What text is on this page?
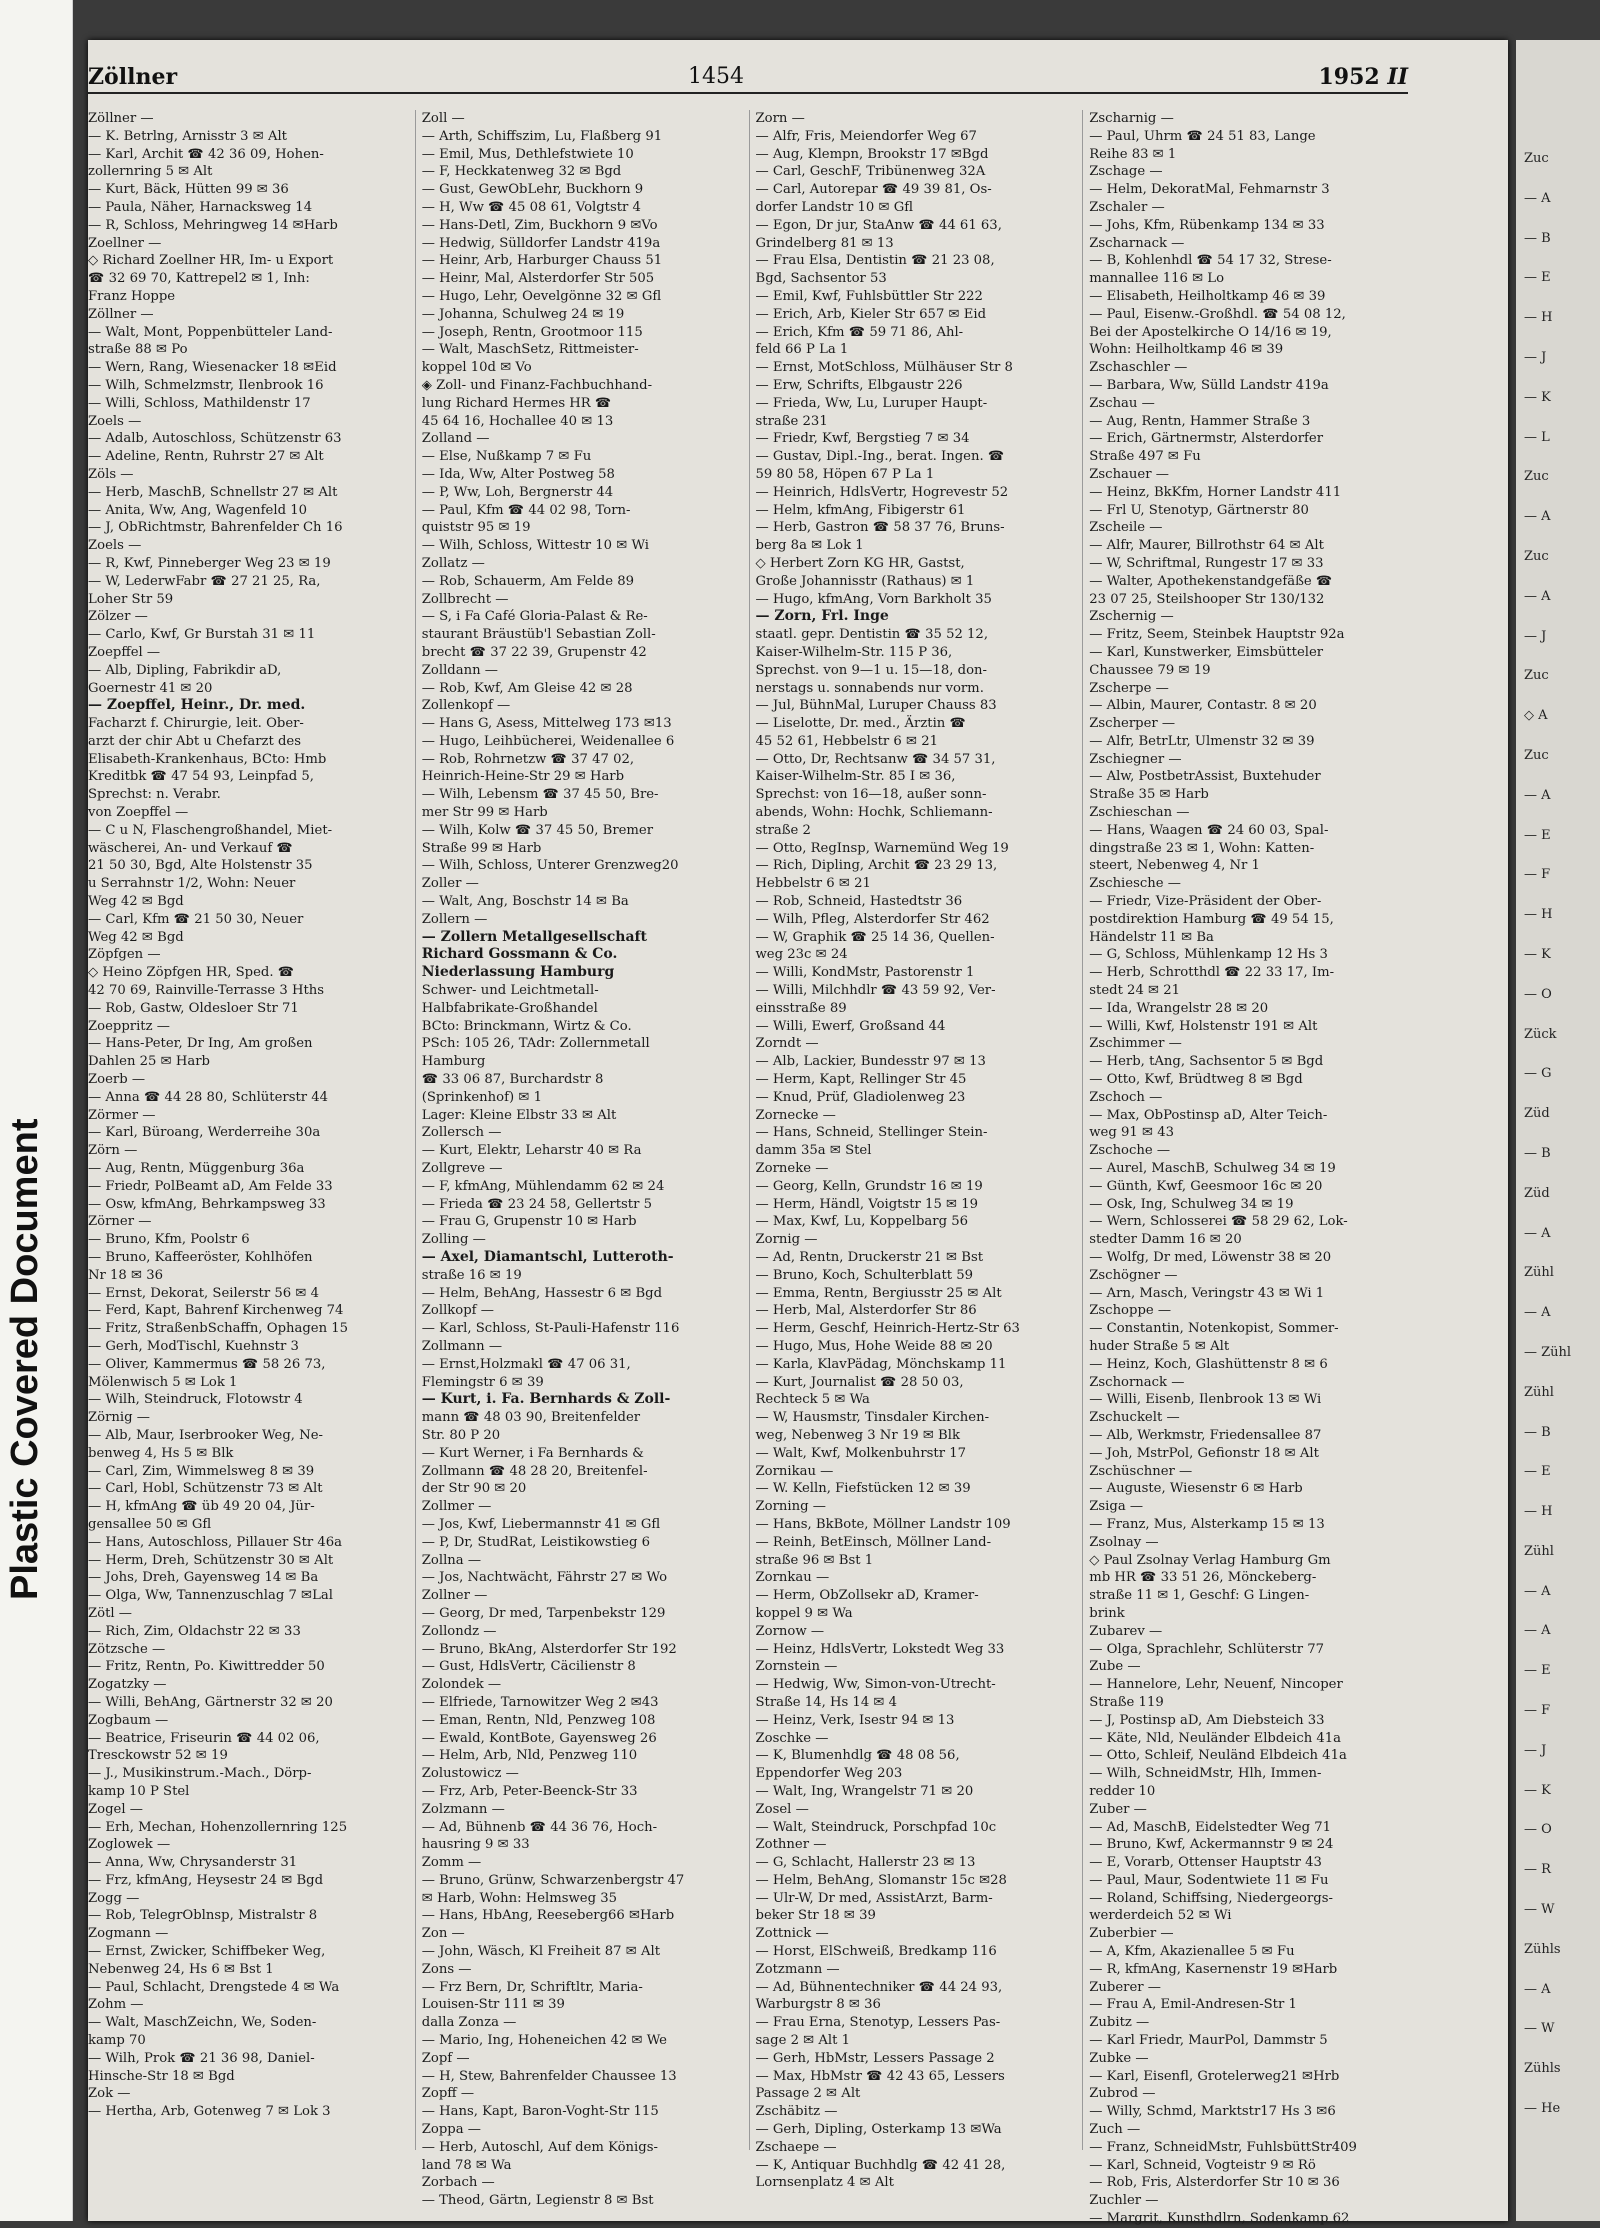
Plastic Covered Document
Zöllner	1454	1952 II
Zöllner —
— K. Betrlng, Arnisstr 3 ✉ Alt
— Karl, Archit ☎ 42 36 09, Hohen-
zollernring 5 ✉ Alt
— Kurt, Bäck, Hütten 99 ✉ 36
— Paula, Näher, Harnacksweg 14
— R, Schloss, Mehringweg 14 ✉Harb
Zoellner —
◇ Richard Zoellner HR, Im- u Export
☎ 32 69 70, Kattrepel2 ✉ 1, Inh:
Franz Hoppe
Zöllner —
— Walt, Mont, Poppenbütteler Land-
straße 88 ✉ Po
— Wern, Rang, Wiesenacker 18 ✉Eid
— Wilh, Schmelzmstr, Ilenbrook 16
— Willi, Schloss, Mathildenstr 17
Zoels —
— Adalb, Autoschloss, Schützenstr 63
— Adeline, Rentn, Ruhrstr 27 ✉ Alt
Zöls —
— Herb, MaschB, Schnellstr 27 ✉ Alt
— Anita, Ww, Ang, Wagenfeld 10
— J, ObRichtmstr, Bahrenfelder Ch 16
Zoels —
— R, Kwf, Pinneberger Weg 23 ✉ 19
— W, LederwFabr ☎ 27 21 25, Ra,
Loher Str 59
Zölzer —
— Carlo, Kwf, Gr Burstah 31 ✉ 11
Zoepffel —
— Alb, Dipling, Fabrikdir aD,
Goernestr 41 ✉ 20
— Zoepffel, Heinr., Dr. med.
Facharzt f. Chirurgie, leit. Ober-
arzt der chir Abt u Chefarzt des
Elisabeth-Krankenhaus, BCto: Hmb
Kreditbk ☎ 47 54 93, Leinpfad 5,
Sprechst: n. Verabr.
von Zoepffel —
— C u N, Flaschengroßhandel, Miet-
wäscherei, An- und Verkauf ☎
21 50 30, Bgd, Alte Holstenstr 35
u Serrahnstr 1/2, Wohn: Neuer
Weg 42 ✉ Bgd
— Carl, Kfm ☎ 21 50 30, Neuer
Weg 42 ✉ Bgd
Zöpfgen —
◇ Heino Zöpfgen HR, Sped. ☎
42 70 69, Rainville-Terrasse 3 Hths
— Rob, Gastw, Oldesloer Str 71
Zoeppritz —
— Hans-Peter, Dr Ing, Am großen
Dahlen 25 ✉ Harb
Zoerb —
— Anna ☎ 44 28 80, Schlüterstr 44
Zörmer —
— Karl, Büroang, Werderreihe 30a
Zörn —
— Aug, Rentn, Müggenburg 36a
— Friedr, PolBeamt aD, Am Felde 33
— Osw, kfmAng, Behrkampsweg 33
Zörner —
— Bruno, Kfm, Poolstr 6
— Bruno, Kaffeeröster, Kohlhöfen
Nr 18 ✉ 36
— Ernst, Dekorat, Seilerstr 56 ✉ 4
— Ferd, Kapt, Bahrenf Kirchenweg 74
— Fritz, StraßenbSchaffn, Ophagen 15
— Gerh, ModTischl, Kuehnstr 3
— Oliver, Kammermus ☎ 58 26 73,
Mölenwisch 5 ✉ Lok 1
— Wilh, Steindruck, Flotowstr 4
Zörnig —
— Alb, Maur, Iserbrooker Weg, Ne-
benweg 4, Hs 5 ✉ Blk
— Carl, Zim, Wimmelsweg 8 ✉ 39
— Carl, Hobl, Schützenstr 73 ✉ Alt
— H, kfmAng ☎ üb 49 20 04, Jür-
gensallee 50 ✉ Gfl
— Hans, Autoschloss, Pillauer Str 46a
— Herm, Dreh, Schützenstr 30 ✉ Alt
— Johs, Dreh, Gayensweg 14 ✉ Ba
— Olga, Ww, Tannenzuschlag 7 ✉Lal
Zötl —
— Rich, Zim, Oldachstr 22 ✉ 33
Zötzsche —
— Fritz, Rentn, Po. Kiwittredder 50
Zogatzky —
— Willi, BehAng, Gärtnerstr 32 ✉ 20
Zogbaum —
— Beatrice, Friseurin ☎ 44 02 06,
Tresckowstr 52 ✉ 19
— J., Musikinstrum.-Mach., Dörp-
kamp 10 P Stel
Zogel —
— Erh, Mechan, Hohenzollernring 125
Zoglowek —
— Anna, Ww, Chrysanderstr 31
— Frz, kfmAng, Heysestr 24 ✉ Bgd
Zogg —
— Rob, TelegrOblnsp, Mistralstr 8
Zogmann —
— Ernst, Zwicker, Schiffbeker Weg,
Nebenweg 24, Hs 6 ✉ Bst 1
— Paul, Schlacht, Drengstede 4 ✉ Wa
Zohm —
— Walt, MaschZeichn, We, Soden-
kamp 70
— Wilh, Prok ☎ 21 36 98, Daniel-
Hinsche-Str 18 ✉ Bgd
Zok —
— Hertha, Arb, Gotenweg 7 ✉ Lok 3
Zoll —
— Arth, Schiffszim, Lu, Flaßberg 91
— Emil, Mus, Dethlefstwiete 10
— F, Heckkatenweg 32 ✉ Bgd
— Gust, GewObLehr, Buckhorn 9
— H, Ww ☎ 45 08 61, Volgtstr 4
— Hans-Detl, Zim, Buckhorn 9 ✉Vo
— Hedwig, Sülldorfer Landstr 419a
— Heinr, Arb, Harburger Chauss 51
— Heinr, Mal, Alsterdorfer Str 505
— Hugo, Lehr, Oevelgönne 32 ✉ Gfl
— Johanna, Schulweg 24 ✉ 19
— Joseph, Rentn, Grootmoor 115
— Walt, MaschSetz, Rittmeister-
koppel 10d ✉ Vo
◈ Zoll- und Finanz-Fachbuchhand-
lung Richard Hermes HR ☎
45 64 16, Hochallee 40 ✉ 13
Zolland —
— Else, Nußkamp 7 ✉ Fu
— Ida, Ww, Alter Postweg 58
— P, Ww, Loh, Bergnerstr 44
— Paul, Kfm ☎ 44 02 98, Torn-
quiststr 95 ✉ 19
— Wilh, Schloss, Wittestr 10 ✉ Wi
Zollatz —
— Rob, Schauerm, Am Felde 89
Zollbrecht —
— S, i Fa Café Gloria-Palast & Re-
staurant Bräustüb'l Sebastian Zoll-
brecht ☎ 37 22 39, Grupenstr 42
Zolldann —
— Rob, Kwf, Am Gleise 42 ✉ 28
Zollenkopf —
— Hans G, Asess, Mittelweg 173 ✉13
— Hugo, Leihbücherei, Weidenallee 6
— Rob, Rohrnetzw ☎ 37 47 02,
Heinrich-Heine-Str 29 ✉ Harb
— Wilh, Lebensm ☎ 37 45 50, Bre-
mer Str 99 ✉ Harb
— Wilh, Kolw ☎ 37 45 50, Bremer
Straße 99 ✉ Harb
— Wilh, Schloss, Unterer Grenzweg20
Zoller —
— Walt, Ang, Boschstr 14 ✉ Ba
Zollern —
— Zollern Metallgesellschaft
Richard Gossmann & Co.
Niederlassung Hamburg
Schwer- und Leichtmetall-
Halbfabrikate-Großhandel
BCto: Brinckmann, Wirtz & Co.
PSch: 105 26, TAdr: Zollernmetall
Hamburg
☎ 33 06 87, Burchardstr 8
(Sprinkenhof) ✉ 1
Lager: Kleine Elbstr 33 ✉ Alt
Zollersch —
— Kurt, Elektr, Leharstr 40 ✉ Ra
Zollgreve —
— F, kfmAng, Mühlendamm 62 ✉ 24
— Frieda ☎ 23 24 58, Gellertstr 5
— Frau G, Grupenstr 10 ✉ Harb
Zolling —
— Axel, Diamantschl, Lutteroth-
straße 16 ✉ 19
— Helm, BehAng, Hassestr 6 ✉ Bgd
Zollkopf —
— Karl, Schloss, St-Pauli-Hafenstr 116
Zollmann —
— Ernst,Holzmakl ☎ 47 06 31,
Flemingstr 6 ✉ 39
— Kurt, i. Fa. Bernhards & Zoll-
mann ☎ 48 03 90, Breitenfelder
Str. 80 P 20
— Kurt Werner, i Fa Bernhards &
Zollmann ☎ 48 28 20, Breitenfel-
der Str 90 ✉ 20
Zollmer —
— Jos, Kwf, Liebermannstr 41 ✉ Gfl
— P, Dr, StudRat, Leistikowstieg 6
Zollna —
— Jos, Nachtwächt, Fährstr 27 ✉ Wo
Zollner —
— Georg, Dr med, Tarpenbekstr 129
Zollondz —
— Bruno, BkAng, Alsterdorfer Str 192
— Gust, HdlsVertr, Cäcilienstr 8
Zolondek —
— Elfriede, Tarnowitzer Weg 2 ✉43
— Eman, Rentn, Nld, Penzweg 108
— Ewald, KontBote, Gayensweg 26
— Helm, Arb, Nld, Penzweg 110
Zolustowicz —
— Frz, Arb, Peter-Beenck-Str 33
Zolzmann —
— Ad, Bühnenb ☎ 44 36 76, Hoch-
hausring 9 ✉ 33
Zomm —
— Bruno, Grünw, Schwarzenbergstr 47
✉ Harb, Wohn: Helmsweg 35
— Hans, HbAng, Reeseberg66 ✉Harb
Zon —
— John, Wäsch, Kl Freiheit 87 ✉ Alt
Zons —
— Frz Bern, Dr, Schriftltr, Maria-
Louisen-Str 111 ✉ 39
dalla Zonza —
— Mario, Ing, Hoheneichen 42 ✉ We
Zopf —
— H, Stew, Bahrenfelder Chaussee 13
Zopff —
— Hans, Kapt, Baron-Voght-Str 115
Zoppa —
— Herb, Autoschl, Auf dem Königs-
land 78 ✉ Wa
Zorbach —
— Theod, Gärtn, Legienstr 8 ✉ Bst
Zorn —
— Alfr, Fris, Meiendorfer Weg 67
— Aug, Klempn, Brookstr 17 ✉Bgd
— Carl, GeschF, Tribünenweg 32A
— Carl, Autorepar ☎ 49 39 81, Os-
dorfer Landstr 10 ✉ Gfl
— Egon, Dr jur, StaAnw ☎ 44 61 63,
Grindelberg 81 ✉ 13
— Frau Elsa, Dentistin ☎ 21 23 08,
Bgd, Sachsentor 53
— Emil, Kwf, Fuhlsbüttler Str 222
— Erich, Arb, Kieler Str 657 ✉ Eid
— Erich, Kfm ☎ 59 71 86, Ahl-
feld 66 P La 1
— Ernst, MotSchloss, Mülhäuser Str 8
— Erw, Schrifts, Elbgaustr 226
— Frieda, Ww, Lu, Luruper Haupt-
straße 231
— Friedr, Kwf, Bergstieg 7 ✉ 34
— Gustav, Dipl.-Ing., berat. Ingen. ☎
59 80 58, Höpen 67 P La 1
— Heinrich, HdlsVertr, Hogrevestr 52
— Helm, kfmAng, Fibigerstr 61
— Herb, Gastron ☎ 58 37 76, Bruns-
berg 8a ✉ Lok 1
◇ Herbert Zorn KG HR, Gastst,
Große Johannisstr (Rathaus) ✉ 1
— Hugo, kfmAng, Vorn Barkholt 35
— Zorn, Frl. Inge
staatl. gepr. Dentistin ☎ 35 52 12,
Kaiser-Wilhelm-Str. 115 P 36,
Sprechst. von 9—1 u. 15—18, don-
nerstags u. sonnabends nur vorm.
— Jul, BühnMal, Luruper Chauss 83
— Liselotte, Dr. med., Ärztin ☎
45 52 61, Hebbelstr 6 ✉ 21
— Otto, Dr, Rechtsanw ☎ 34 57 31,
Kaiser-Wilhelm-Str. 85 I ✉ 36,
Sprechst: von 16—18, außer sonn-
abends, Wohn: Hochk, Schliemann-
straße 2
— Otto, RegInsp, Warnemünd Weg 19
— Rich, Dipling, Archit ☎ 23 29 13,
Hebbelstr 6 ✉ 21
— Rob, Schneid, Hastedtstr 36
— Wilh, Pfleg, Alsterdorfer Str 462
— W, Graphik ☎ 25 14 36, Quellen-
weg 23c ✉ 24
— Willi, KondMstr, Pastorenstr 1
— Willi, Milchhdlr ☎ 43 59 92, Ver-
einsstraße 89
— Willi, Ewerf, Großsand 44
Zorndt —
— Alb, Lackier, Bundesstr 97 ✉ 13
— Herm, Kapt, Rellinger Str 45
— Knud, Prüf, Gladiolenweg 23
Zornecke —
— Hans, Schneid, Stellinger Stein-
damm 35a ✉ Stel
Zorneke —
— Georg, Kelln, Grundstr 16 ✉ 19
— Herm, Händl, Voigtstr 15 ✉ 19
— Max, Kwf, Lu, Koppelbarg 56
Zornig —
— Ad, Rentn, Druckerstr 21 ✉ Bst
— Bruno, Koch, Schulterblatt 59
— Emma, Rentn, Bergiusstr 25 ✉ Alt
— Herb, Mal, Alsterdorfer Str 86
— Herm, Geschf, Heinrich-Hertz-Str 63
— Hugo, Mus, Hohe Weide 88 ✉ 20
— Karla, KlavPädag, Mönchskamp 11
— Kurt, Journalist ☎ 28 50 03,
Rechteck 5 ✉ Wa
— W, Hausmstr, Tinsdaler Kirchen-
weg, Nebenweg 3 Nr 19 ✉ Blk
— Walt, Kwf, Molkenbuhrstr 17
Zornikau —
— W. Kelln, Fiefstücken 12 ✉ 39
Zorning —
— Hans, BkBote, Möllner Landstr 109
— Reinh, BetEinsch, Möllner Land-
straße 96 ✉ Bst 1
Zornkau —
— Herm, ObZollsekr aD, Kramer-
koppel 9 ✉ Wa
Zornow —
— Heinz, HdlsVertr, Lokstedt Weg 33
Zornstein —
— Hedwig, Ww, Simon-von-Utrecht-
Straße 14, Hs 14 ✉ 4
— Heinz, Verk, Isestr 94 ✉ 13
Zoschke —
— K, Blumenhdlg ☎ 48 08 56,
Eppendorfer Weg 203
— Walt, Ing, Wrangelstr 71 ✉ 20
Zosel —
— Walt, Steindruck, Porschpfad 10c
Zothner —
— G, Schlacht, Hallerstr 23 ✉ 13
— Helm, BehAng, Slomanstr 15c ✉28
— Ulr-W, Dr med, AssistArzt, Barm-
beker Str 18 ✉ 39
Zottnick —
— Horst, ElSchweiß, Bredkamp 116
Zotzmann —
— Ad, Bühnentechniker ☎ 44 24 93,
Warburgstr 8 ✉ 36
— Frau Erna, Stenotyp, Lessers Pas-
sage 2 ✉ Alt 1
— Gerh, HbMstr, Lessers Passage 2
— Max, HbMstr ☎ 42 43 65, Lessers
Passage 2 ✉ Alt
Zschäbitz —
— Gerh, Dipling, Osterkamp 13 ✉Wa
Zschaepe —
— K, Antiquar Buchhdlg ☎ 42 41 28,
Lornsenplatz 4 ✉ Alt
Zscharnig —
— Paul, Uhrm ☎ 24 51 83, Lange
Reihe 83 ✉ 1
Zschage —
— Helm, DekoratMal, Fehmarnstr 3
Zschaler —
— Johs, Kfm, Rübenkamp 134 ✉ 33
Zscharnack —
— B, Kohlenhdl ☎ 54 17 32, Strese-
mannallee 116 ✉ Lo
— Elisabeth, Heilholtkamp 46 ✉ 39
— Paul, Eisenw.-Großhdl. ☎ 54 08 12,
Bei der Apostelkirche O 14/16 ✉ 19,
Wohn: Heilholtkamp 46 ✉ 39
Zschaschler —
— Barbara, Ww, Sülld Landstr 419a
Zschau —
— Aug, Rentn, Hammer Straße 3
— Erich, Gärtnermstr, Alsterdorfer
Straße 497 ✉ Fu
Zschauer —
— Heinz, BkKfm, Horner Landstr 411
— Frl U, Stenotyp, Gärtnerstr 80
Zscheile —
— Alfr, Maurer, Billrothstr 64 ✉ Alt
— W, Schriftmal, Rungestr 17 ✉ 33
— Walter, Apothekenstandgefäße ☎
23 07 25, Steilshooper Str 130/132
Zschernig —
— Fritz, Seem, Steinbek Hauptstr 92a
— Karl, Kunstwerker, Eimsbütteler
Chaussee 79 ✉ 19
Zscherpe —
— Albin, Maurer, Contastr. 8 ✉ 20
Zscherper —
— Alfr, BetrLtr, Ulmenstr 32 ✉ 39
Zschiegner —
— Alw, PostbetrAssist, Buxtehuder
Straße 35 ✉ Harb
Zschieschan —
— Hans, Waagen ☎ 24 60 03, Spal-
dingstraße 23 ✉ 1, Wohn: Katten-
steert, Nebenweg 4, Nr 1
Zschiesche —
— Friedr, Vize-Präsident der Ober-
postdirektion Hamburg ☎ 49 54 15,
Händelstr 11 ✉ Ba
— G, Schloss, Mühlenkamp 12 Hs 3
— Herb, Schrotthdl ☎ 22 33 17, Im-
stedt 24 ✉ 21
— Ida, Wrangelstr 28 ✉ 20
— Willi, Kwf, Holstenstr 191 ✉ Alt
Zschimmer —
— Herb, tAng, Sachsentor 5 ✉ Bgd
— Otto, Kwf, Brüdtweg 8 ✉ Bgd
Zschoch —
— Max, ObPostinsp aD, Alter Teich-
weg 91 ✉ 43
Zschoche —
— Aurel, MaschB, Schulweg 34 ✉ 19
— Günth, Kwf, Geesmoor 16c ✉ 20
— Osk, Ing, Schulweg 34 ✉ 19
— Wern, Schlosserei ☎ 58 29 62, Lok-
stedter Damm 16 ✉ 20
— Wolfg, Dr med, Löwenstr 38 ✉ 20
Zschögner —
— Arn, Masch, Veringstr 43 ✉ Wi 1
Zschoppe —
— Constantin, Notenkopist, Sommer-
huder Straße 5 ✉ Alt
— Heinz, Koch, Glashüttenstr 8 ✉ 6
Zschornack —
— Willi, Eisenb, Ilenbrook 13 ✉ Wi
Zschuckelt —
— Alb, Werkmstr, Friedensallee 87
— Joh, MstrPol, Gefionstr 18 ✉ Alt
Zschüschner —
— Auguste, Wiesenstr 6 ✉ Harb
Zsiga —
— Franz, Mus, Alsterkamp 15 ✉ 13
Zsolnay —
◇ Paul Zsolnay Verlag Hamburg Gm
mb HR ☎ 33 51 26, Mönckeberg-
straße 11 ✉ 1, Geschf: G Lingen-
brink
Zubarev —
— Olga, Sprachlehr, Schlüterstr 77
Zube —
— Hannelore, Lehr, Neuenf, Nincoper
Straße 119
— J, Postinsp aD, Am Diebsteich 33
— Käte, Nld, Neuländer Elbdeich 41a
— Otto, Schleif, Neuländ Elbdeich 41a
— Wilh, SchneidMstr, Hlh, Immen-
redder 10
Zuber —
— Ad, MaschB, Eidelstedter Weg 71
— Bruno, Kwf, Ackermannstr 9 ✉ 24
— E, Vorarb, Ottenser Hauptstr 43
— Paul, Maur, Sodentwiete 11 ✉ Fu
— Roland, Schiffsing, Niedergeorgs-
werderdeich 52 ✉ Wi
Zuberbier —
— A, Kfm, Akazienallee 5 ✉ Fu
— R, kfmAng, Kasernenstr 19 ✉Harb
Zuberer —
— Frau A, Emil-Andresen-Str 1
Zubitz —
— Karl Friedr, MaurPol, Dammstr 5
Zubke —
— Karl, Eisenfl, Grotelerweg21 ✉Hrb
Zubrod —
— Willy, Schmd, Marktstr17 Hs 3 ✉6
Zuch —
— Franz, SchneidMstr, FuhlsbüttStr409
— Karl, Schneid, Vogteistr 9 ✉ Rö
— Rob, Fris, Alsterdorfer Str 10 ✉ 36
Zuchler —
— Margrit, Kunsthdlrn, Sodenkamp 62
Zuc
— A
— B
— E
— H
— J
— K
— L
Zuc
— A
Zuc
— A
— J
Zuc
◇ A
Zuc
— A
— E
— F
— H
— K
— O
Zück
— G
Züd
— B
Züd
— A
Zühl
— A
— Zühl
Zühl
— B
— E
— H
Zühl
— A
— A
— E
— F
— J
— K
— O
— R
— W
Zühls
— A
— W
Zühls
— He
